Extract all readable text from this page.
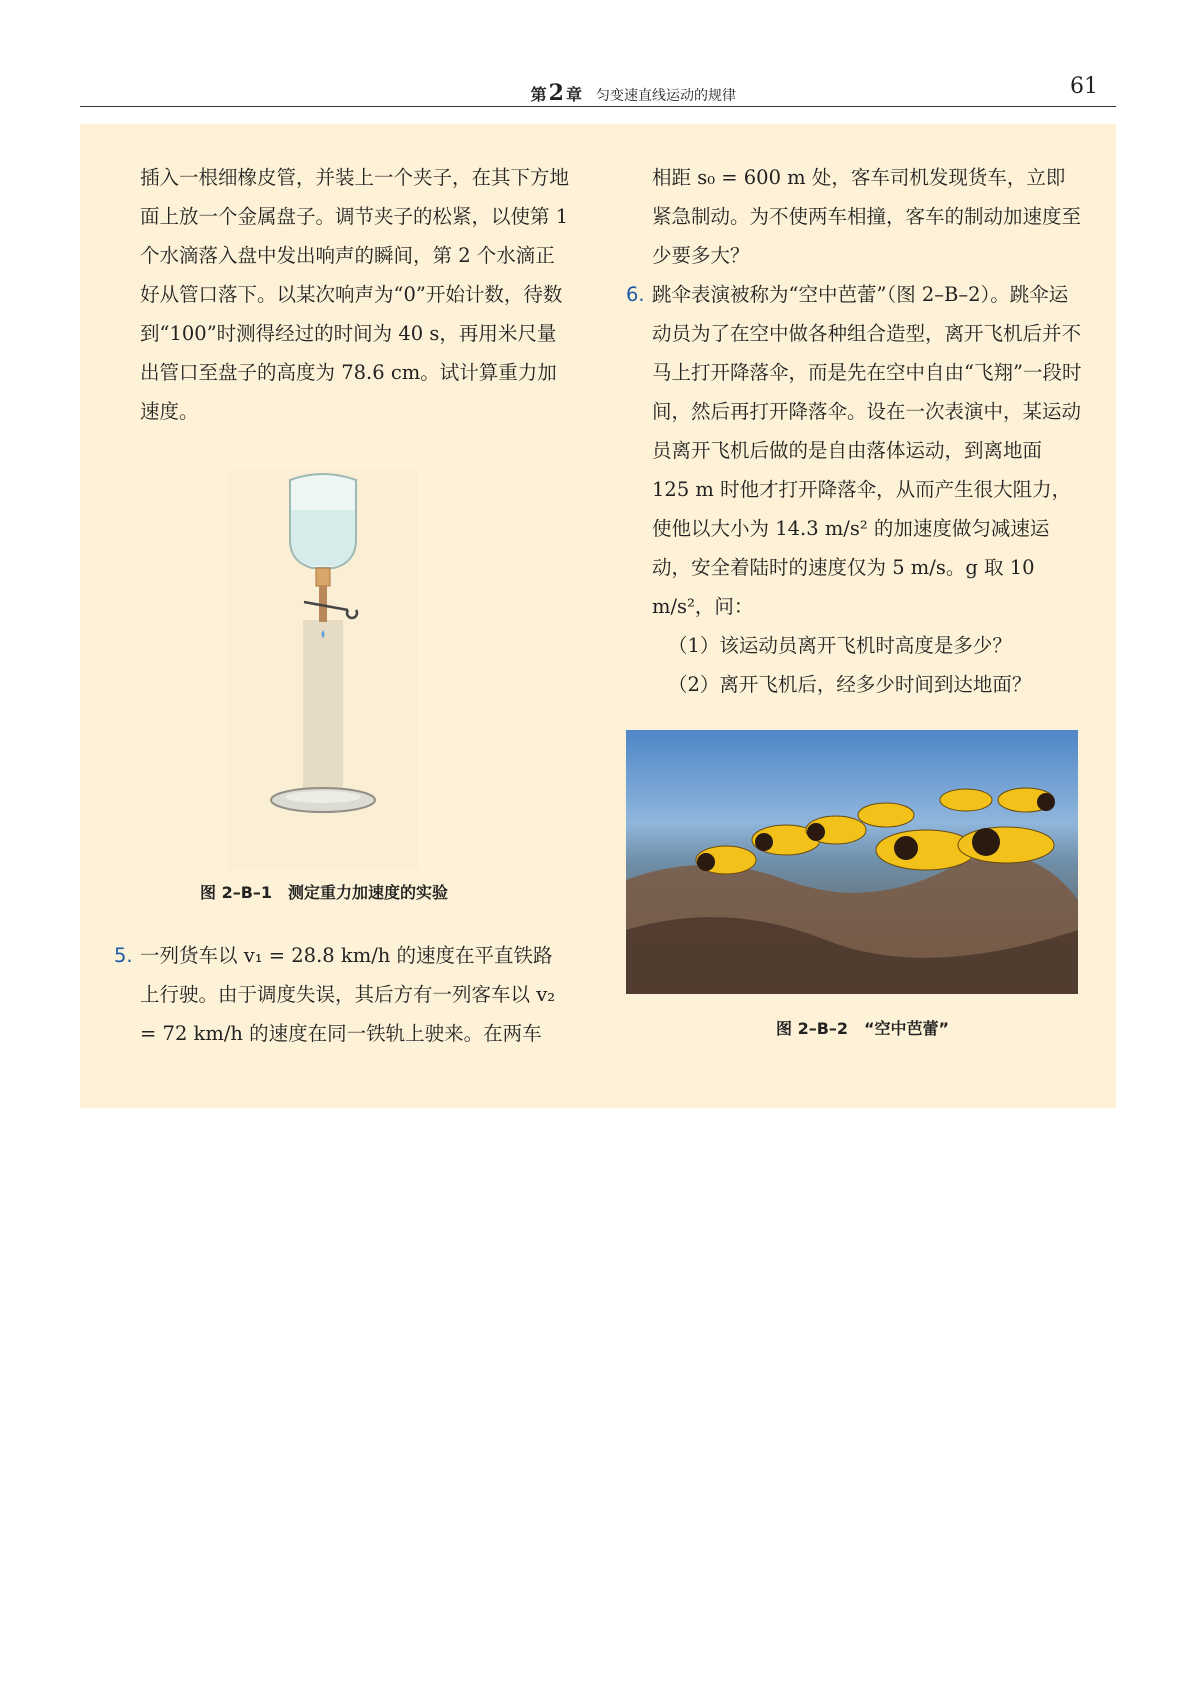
第2 章 匀变速直线运动的规律	61

插入一根细橡皮管，并装上一个夹子，在其下方地面上放一个金属盘子。调节夹子的松紧，以使第 1 个水滴落入盘中发出响声的瞬间，第 2 个水滴正好从管口落下。以某次响声为“0”开始计数，待数到“100”时测得经过的时间为 40 s，再用米尺量出管口至盘子的高度为 78.6 cm。试计算重力加速度。

图 2–B–1　测定重力加速度的实验
5. 一列货车以 v₁ = 28.8 km/h 的速度在平直铁路上行驶。由于调度失误，其后方有一列客车以 v₂ = 72 km/h 的速度在同一铁轨上驶来。在两车

相距 s₀ = 600 m 处，客车司机发现货车，立即紧急制动。为不使两车相撞，客车的制动加速度至少要多大？

6. 跳伞表演被称为“空中芭蕾”（图 2–B–2）。跳伞运动员为了在空中做各种组合造型，离开飞机后并不马上打开降落伞，而是先在空中自由“飞翔”一段时间，然后再打开降落伞。设在一次表演中，某运动员离开飞机后做的是自由落体运动，到离地面 125 m 时他才打开降落伞，从而产生很大阻力，使他以大小为 14.3 m/s² 的加速度做匀减速运动，安全着陆时的速度仅为 5 m/s。g 取 10 m/s²，问：

（1）该运动员离开飞机时高度是多少？

（2）离开飞机后，经多少时间到达地面？

图 2–B–2　“空中芭蕾”
